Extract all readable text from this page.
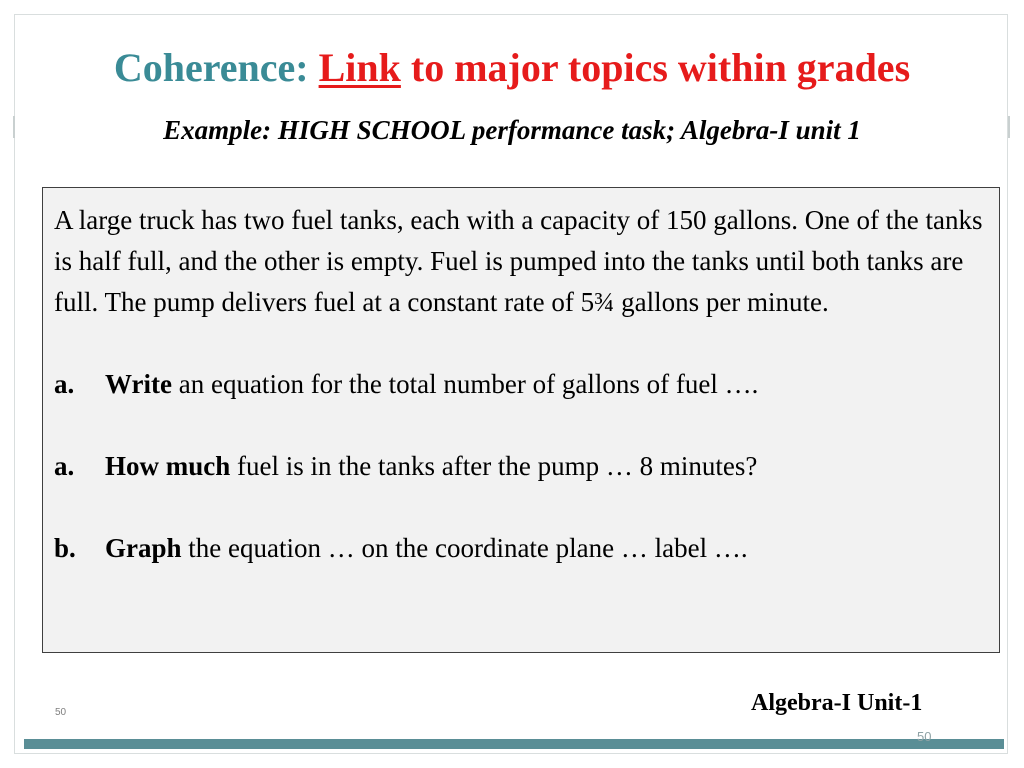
Coherence: Link to major topics within grades
Example: HIGH SCHOOL performance task; Algebra-I unit 1

A large truck has two fuel tanks, each with a capacity of 150 gallons. One of the tanks is half full, and the other is empty. Fuel is pumped into the tanks until both tanks are full. The pump delivers fuel at a constant rate of 5¾ gallons per minute.

a. Write an equation for the total number of gallons of fuel ….
a. How much fuel is in the tanks after the pump … 8 minutes?
b. Graph the equation … on the coordinate plane … label ….
Algebra-I Unit-1
50
50
